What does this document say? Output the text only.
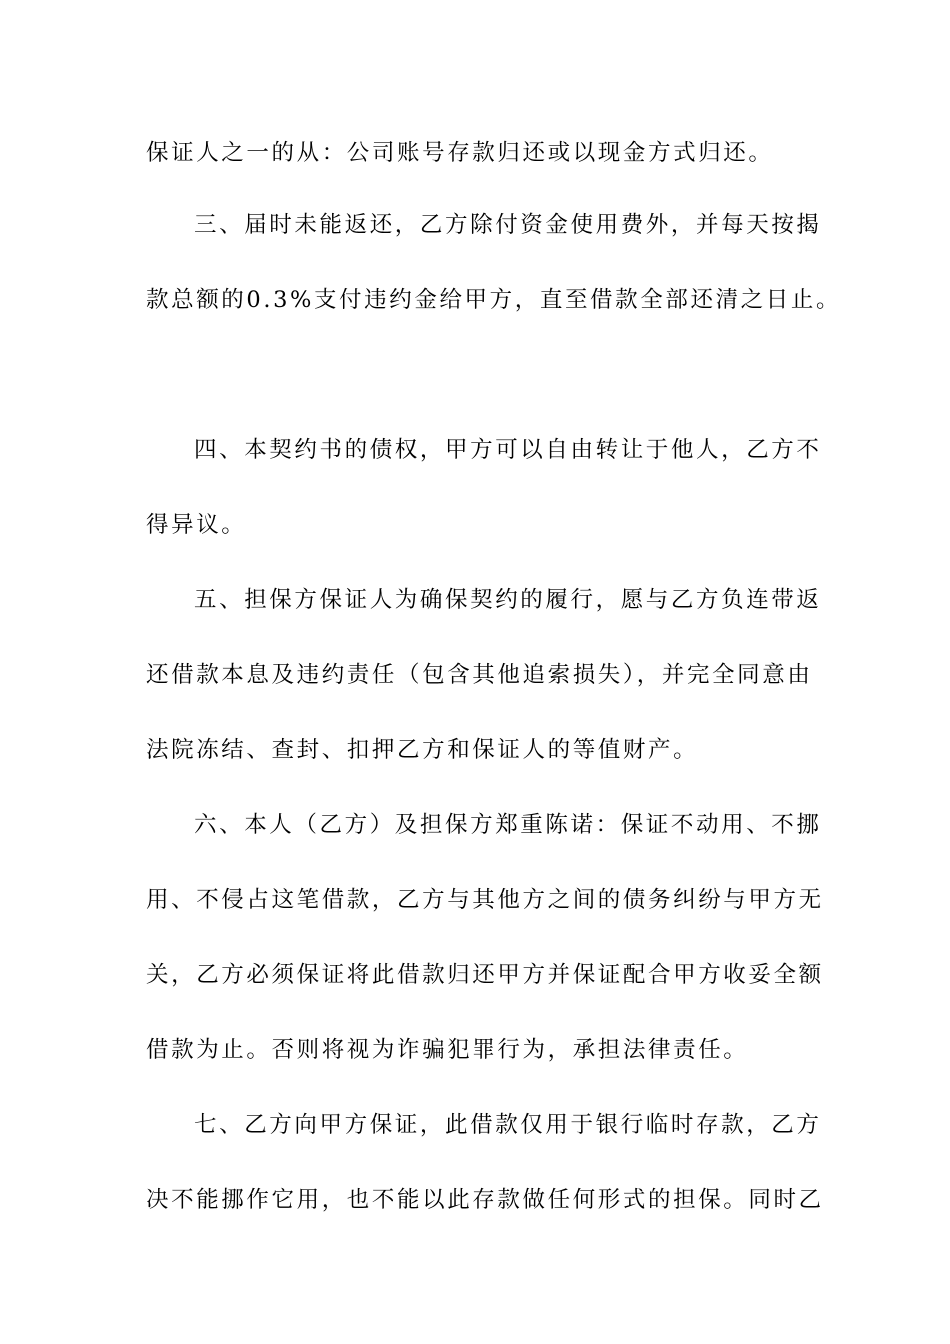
保证人之一的从：公司账号存款归还或以现金方式归还。
三、届时未能返还，乙方除付资金使用费外，并每天按揭
款总额的0.3%支付违约金给甲方，直至借款全部还清之日止。
四、本契约书的债权，甲方可以自由转让于他人，乙方不
得异议。
五、担保方保证人为确保契约的履行，愿与乙方负连带返
还借款本息及违约责任（包含其他追索损失），并完全同意由
法院冻结、查封、扣押乙方和保证人的等值财产。
六、本人（乙方）及担保方郑重陈诺：保证不动用、不挪
用、不侵占这笔借款，乙方与其他方之间的债务纠纷与甲方无
关，乙方必须保证将此借款归还甲方并保证配合甲方收妥全额
借款为止。否则将视为诈骗犯罪行为，承担法律责任。
七、乙方向甲方保证，此借款仅用于银行临时存款，乙方
决不能挪作它用，也不能以此存款做任何形式的担保。同时乙
